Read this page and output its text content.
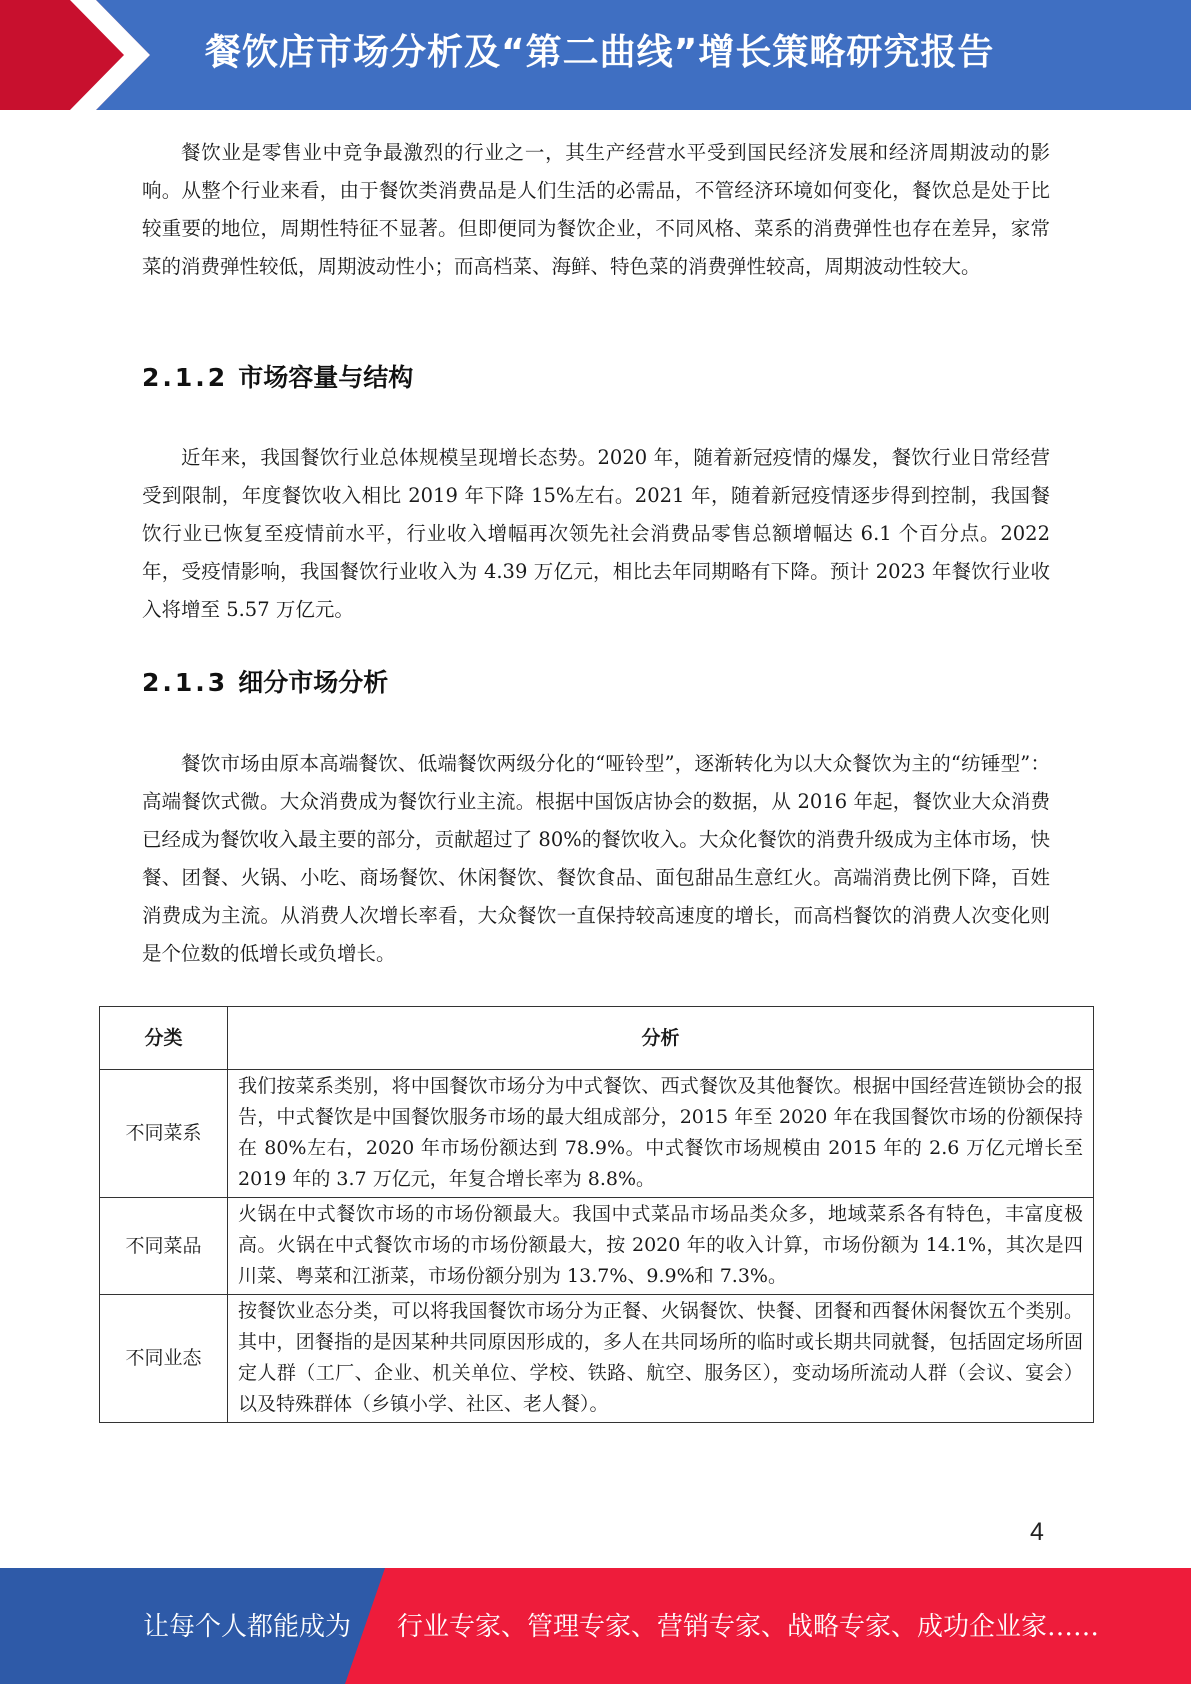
餐饮店市场分析及“第二曲线”增长策略研究报告

餐饮业是零售业中竞争最激烈的行业之一，其生产经营水平受到国民经济发展和经济周期波动的影响。从整个行业来看，由于餐饮类消费品是人们生活的必需品，不管经济环境如何变化，餐饮总是处于比较重要的地位，周期性特征不显著。但即便同为餐饮企业，不同风格、菜系的消费弹性也存在差异，家常菜的消费弹性较低，周期波动性小；而高档菜、海鲜、特色菜的消费弹性较高，周期波动性较大。

2.1.2 市场容量与结构

近年来，我国餐饮行业总体规模呈现增长态势。2020 年，随着新冠疫情的爆发，餐饮行业日常经营受到限制，年度餐饮收入相比 2019 年下降 15%左右。2021 年，随着新冠疫情逐步得到控制，我国餐饮行业已恢复至疫情前水平，行业收入增幅再次领先社会消费品零售总额增幅达 6.1 个百分点。2022 年，受疫情影响，我国餐饮行业收入为 4.39 万亿元，相比去年同期略有下降。预计 2023 年餐饮行业收入将增至 5.57 万亿元。

2.1.3 细分市场分析

餐饮市场由原本高端餐饮、低端餐饮两级分化的“哑铃型”，逐渐转化为以大众餐饮为主的“纺锤型”：高端餐饮式微。大众消费成为餐饮行业主流。根据中国饭店协会的数据，从 2016 年起，餐饮业大众消费已经成为餐饮收入最主要的部分，贡献超过了 80%的餐饮收入。大众化餐饮的消费升级成为主体市场，快餐、团餐、火锅、小吃、商场餐饮、休闲餐饮、餐饮食品、面包甜品生意红火。高端消费比例下降，百姓消费成为主流。从消费人次增长率看，大众餐饮一直保持较高速度的增长，而高档餐饮的消费人次变化则是个位数的低增长或负增长。

分类	分析
不同菜系	我们按菜系类别，将中国餐饮市场分为中式餐饮、西式餐饮及其他餐饮。根据中国经营连锁协会的报告，中式餐饮是中国餐饮服务市场的最大组成部分，2015 年至 2020 年在我国餐饮市场的份额保持在 80%左右，2020 年市场份额达到 78.9%。中式餐饮市场规模由 2015 年的 2.6 万亿元增长至 2019 年的 3.7 万亿元，年复合增长率为 8.8%。
不同菜品	火锅在中式餐饮市场的市场份额最大。我国中式菜品市场品类众多，地域菜系各有特色，丰富度极高。火锅在中式餐饮市场的市场份额最大，按 2020 年的收入计算，市场份额为 14.1%，其次是四川菜、粤菜和江浙菜，市场份额分别为 13.7%、9.9%和 7.3%。
不同业态	按餐饮业态分类，可以将我国餐饮市场分为正餐、火锅餐饮、快餐、团餐和西餐休闲餐饮五个类别。其中，团餐指的是因某种共同原因形成的，多人在共同场所的临时或长期共同就餐，包括固定场所固定人群（工厂、企业、机关单位、学校、铁路、航空、服务区），变动场所流动人群（会议、宴会）以及特殊群体（乡镇小学、社区、老人餐）。
4
让每个人都能成为 行业专家、管理专家、营销专家、战略专家、成功企业家……
